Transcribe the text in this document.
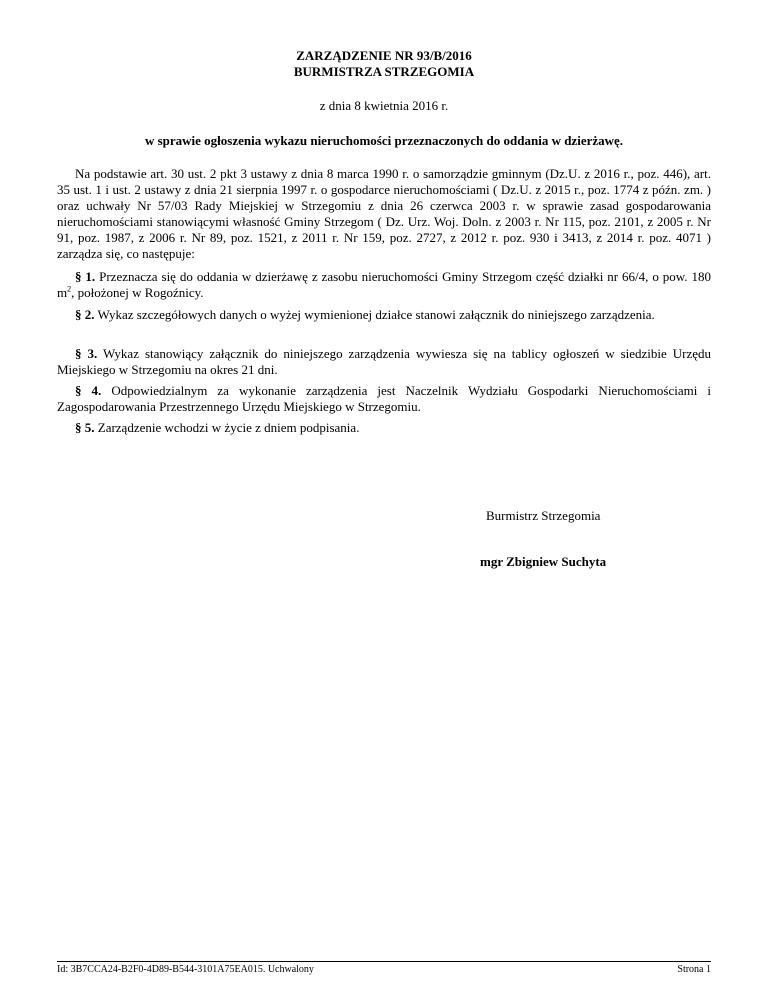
ZARZĄDZENIE NR 93/B/2016
BURMISTRZA STRZEGOMIA
z dnia 8 kwietnia 2016 r.
w sprawie ogłoszenia wykazu nieruchomości przeznaczonych do oddania w dzierżawę.
Na podstawie art. 30 ust. 2 pkt 3 ustawy z dnia 8 marca 1990 r. o samorządzie gminnym (Dz.U. z 2016 r., poz. 446), art. 35 ust. 1 i ust. 2 ustawy z dnia 21 sierpnia 1997 r. o gospodarce nieruchomościami ( Dz.U. z 2015 r., poz. 1774 z późn. zm. ) oraz uchwały Nr 57/03 Rady Miejskiej w Strzegomiu z dnia 26 czerwca 2003 r. w sprawie zasad gospodarowania nieruchomościami stanowiącymi własność Gminy Strzegom ( Dz. Urz. Woj. Doln. z 2003 r. Nr 115, poz. 2101, z 2005 r. Nr 91, poz. 1987, z 2006 r. Nr 89, poz. 1521, z 2011 r. Nr 159, poz. 2727, z 2012 r. poz. 930 i 3413, z 2014 r. poz. 4071 ) zarządza się, co następuje:
§ 1. Przeznacza się do oddania w dzierżawę z zasobu nieruchomości Gminy Strzegom część działki nr 66/4, o pow. 180 $m^2$, położonej w Rogoźnicy.
§ 2. Wykaz szczegółowych danych o wyżej wymienionej działce stanowi załącznik do niniejszego zarządzenia.
§ 3. Wykaz stanowiący załącznik do niniejszego zarządzenia wywiesza się na tablicy ogłoszeń w siedzibie Urzędu Miejskiego w Strzegomiu na okres 21 dni.
§ 4. Odpowiedzialnym za wykonanie zarządzenia jest Naczelnik Wydziału Gospodarki Nieruchomościami i Zagospodarowania Przestrzennego Urzędu Miejskiego w Strzegomiu.
§ 5. Zarządzenie wchodzi w życie z dniem podpisania.
Burmistrz Strzegomia
mgr Zbigniew Suchyta
Id: 3B7CCA24-B2F0-4D89-B544-3101A75EA015. Uchwalony	Strona 1
